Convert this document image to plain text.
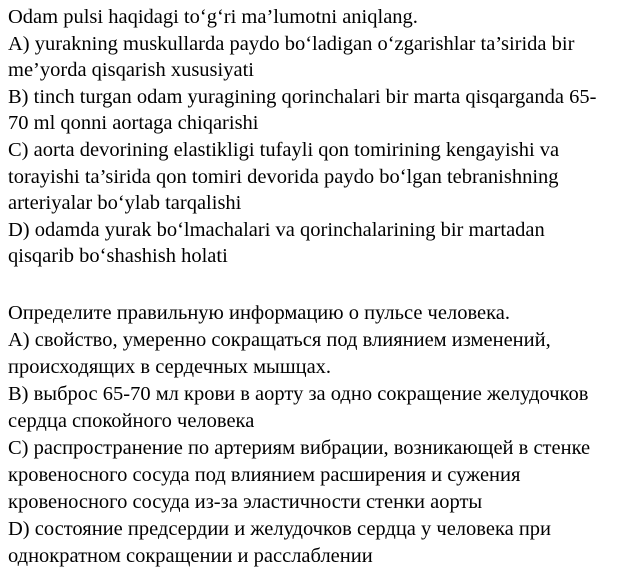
Odam pulsi haqidagi to‘g‘ri ma’lumotni aniqlang.
A) yurakning muskullarda paydo bo‘ladigan o‘zgarishlar ta’sirida bir
me’yorda qisqarish xususiyati
B) tinch turgan odam yuragining qorinchalari bir marta qisqarganda 65-
70 ml qonni aortaga chiqarishi
C) aorta devorining elastikligi tufayli qon tomirining kengayishi va
torayishi ta’sirida qon tomiri devorida paydo bo‘lgan tebranishning
arteriyalar bo‘ylab tarqalishi
D) odamda yurak bo‘lmachalari va qorinchalarining bir martadan
qisqarib bo‘shashish holati
Определите правильную информацию о пульсе человека.
А) свойство, умеренно сокращаться под влиянием изменений,
происходящих в сердечных мышцах.
В) выброс 65-70 мл крови в аорту за одно сокращение желудочков
сердца спокойного человека
С) распространение по артериям вибрации, возникающей в стенке
кровеносного сосуда под влиянием расширения и сужения
кровеносного сосуда из-за эластичности стенки аорты
D) состояние предсердии и желудочков сердца у человека при
однократном сокращении и расслаблении
